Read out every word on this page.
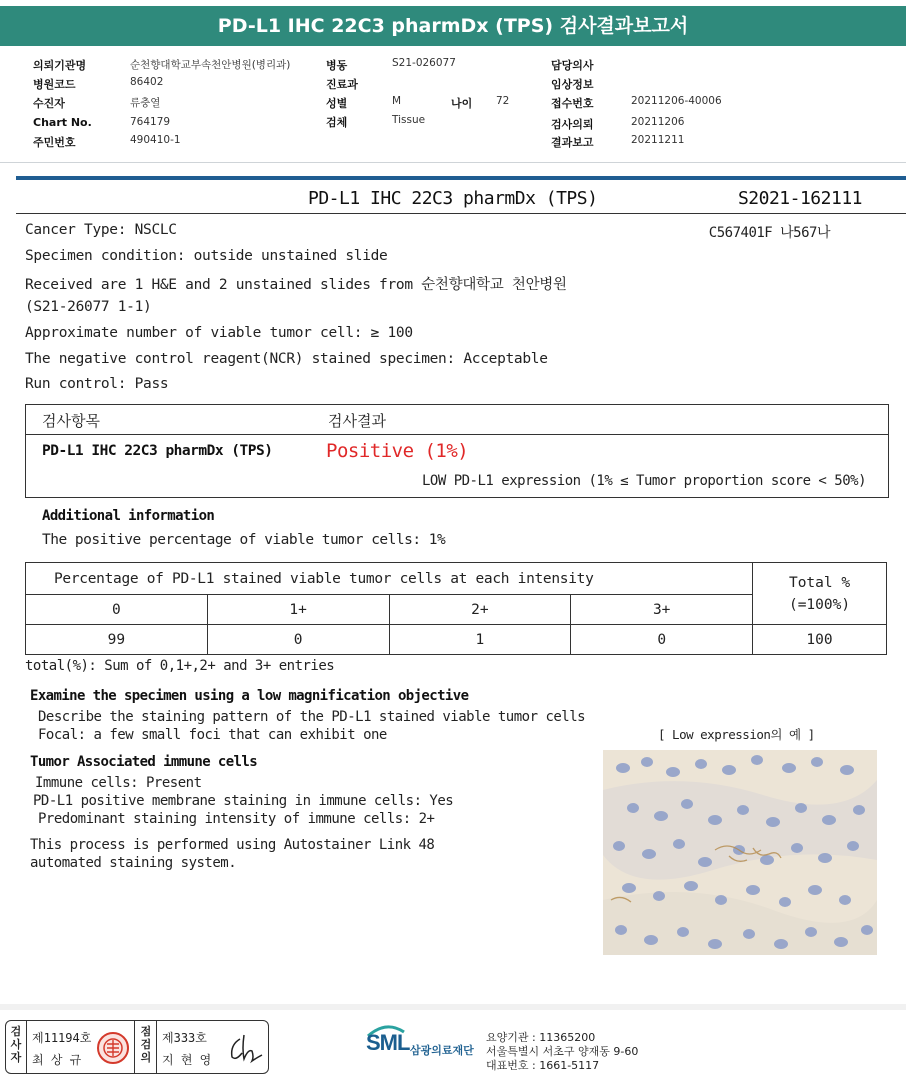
PD-L1 IHC 22C3 pharmDx (TPS) 검사결과보고서
의뢰기관명	순천향대학교부속천안병원(병리과)
병원코드	86402
수진자	류충열
Chart No.	764179
주민번호	490410-1
병동	S21-026077
진료과
성별	M	나이 72
검체	Tissue
담당의사
임상정보
접수번호	20211206-40006
검사의뢰	20211206
결과보고	20211211
PD-L1 IHC 22C3 pharmDx (TPS)	S2021-162111
C567401F 나567나
Cancer Type: NSCLC
Specimen condition: outside unstained slide
Received are 1 H&E and 2 unstained slides from 순천향대학교 천안병원
(S21-26077 1-1)
Approximate number of viable tumor cell: ≥ 100
The negative control reagent(NCR) stained specimen: Acceptable
Run control: Pass
검사항목	검사결과
PD-L1 IHC 22C3 pharmDx (TPS)	Positive (1%)
LOW PD-L1 expression (1% ≤ Tumor proportion score < 50%)
Additional information
The positive percentage of viable tumor cells: 1%
Percentage of PD-L1 stained viable tumor cells at each intensity				Total %
(=100%)
0	1+	2+	3+	
99	0	1	0	100
total(%): Sum of 0,1+,2+ and 3+ entries
Examine the specimen using a low magnification objective
Describe the staining pattern of the PD-L1 stained viable tumor cells
Focal: a few small foci that can exhibit one
Tumor Associated immune cells
Immune cells: Present
PD-L1 positive membrane staining in immune cells: Yes
Predominant staining intensity of immune cells: 2+
This process is performed using Autostainer Link 48
automated staining system.
[ Low expression의 예 ]
검사자
제11194호
최 상 규
점검의
제333호
지 현 영
SML 삼광의료재단
요양기관 : 11365200
서울특별시 서초구 양재동 9-60
대표번호 : 1661-5117
